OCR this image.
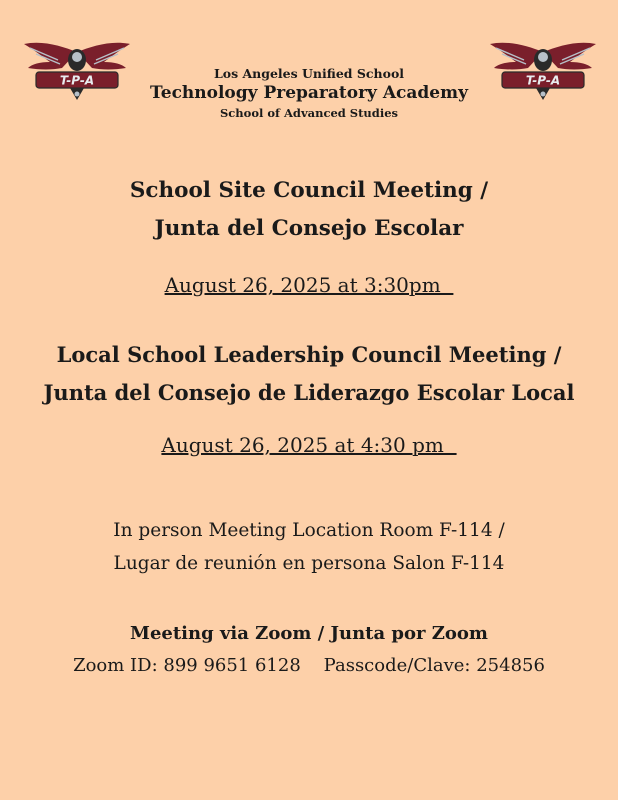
T-P-A	T-P-A
Los Angeles Unified School
Technology Preparatory Academy
School of Advanced Studies
School Site Council Meeting /
Junta del Consejo Escolar
August 26, 2025 at 3:30pm
Local School Leadership Council Meeting /
Junta del Consejo de Liderazgo Escolar Local
August 26, 2025 at 4:30 pm
In person Meeting Location Room F-114 /
Lugar de reunión en persona Salon F-114
Meeting via Zoom / Junta por Zoom
Zoom ID: 899 9651 6128 Passcode/Clave: 254856
